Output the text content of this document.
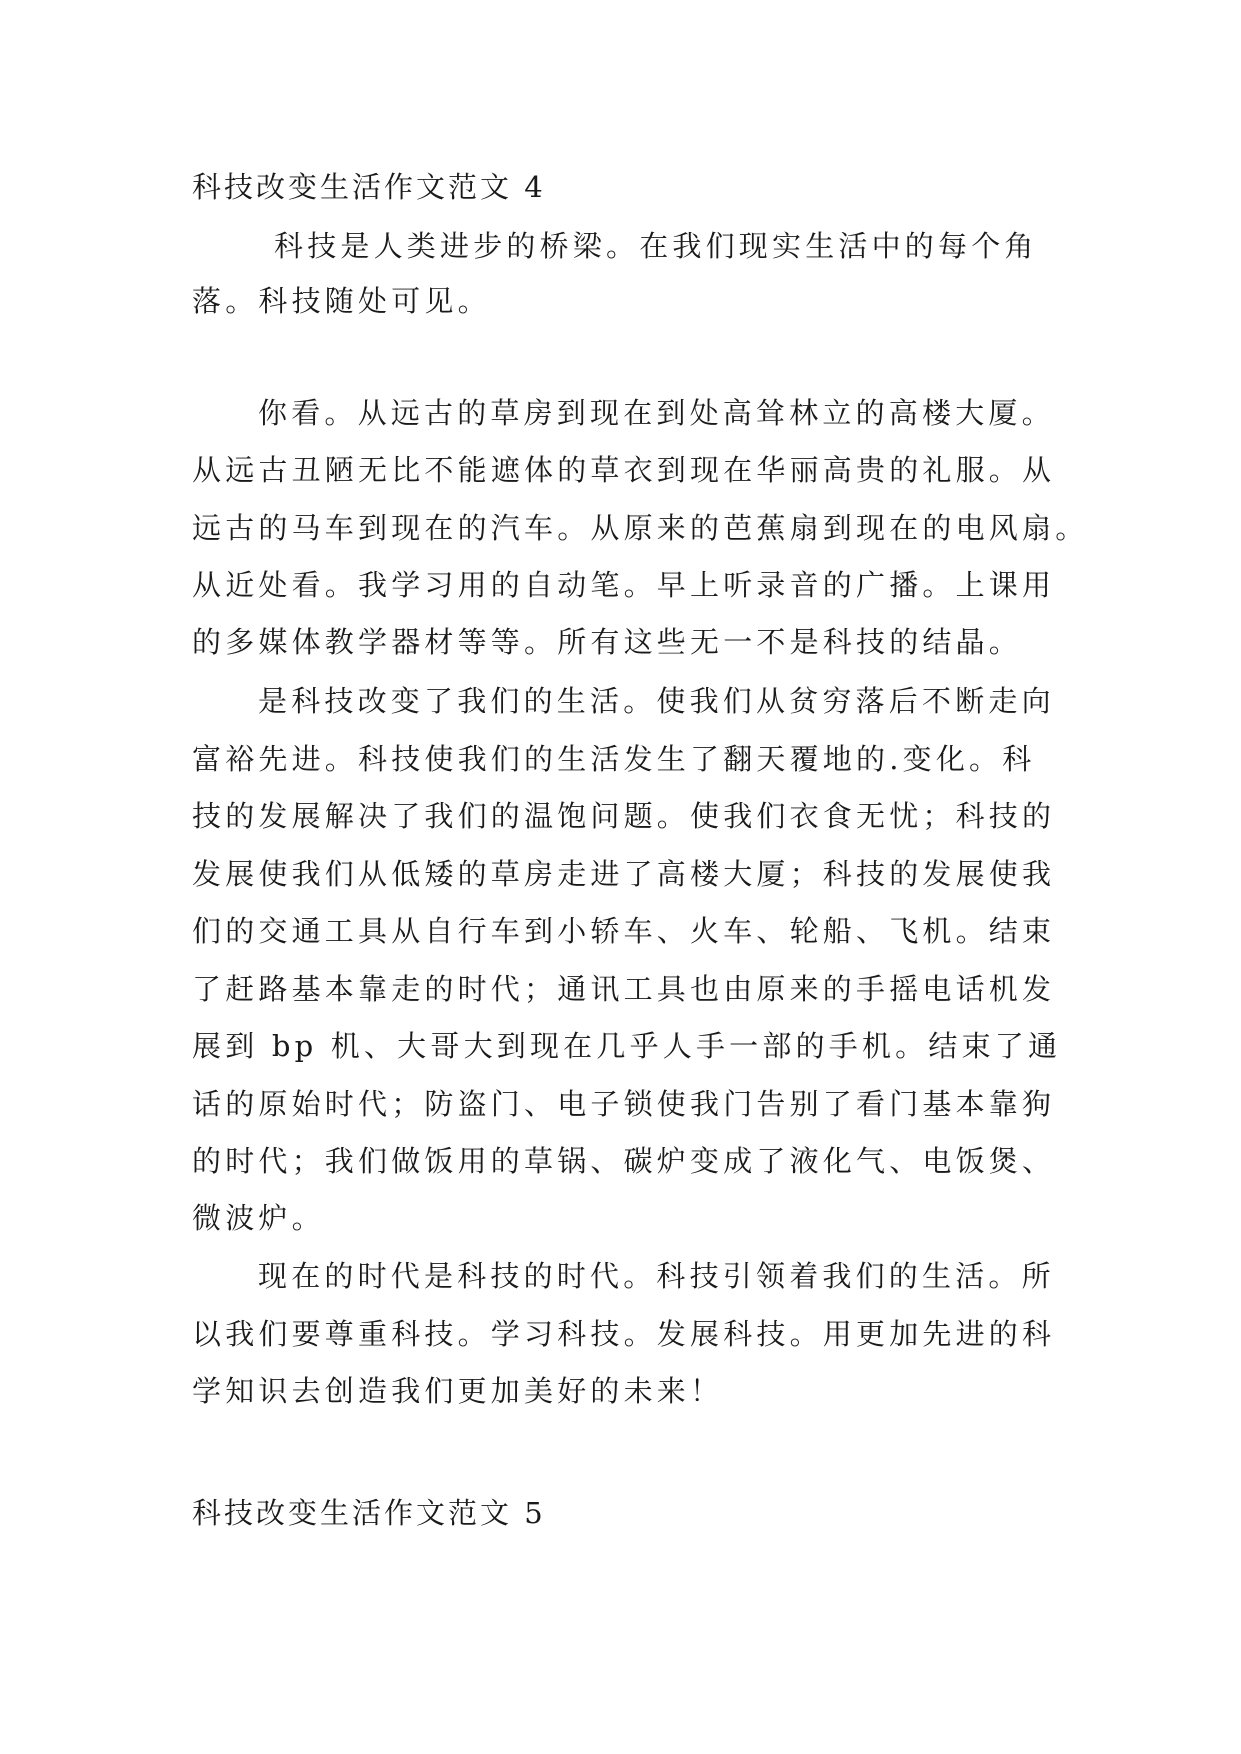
科技改变生活作文范文 4
科技是人类进步的桥梁。在我们现实生活中的每个角
落。科技随处可见。
你看。从远古的草房到现在到处高耸林立的高楼大厦。
从远古丑陋无比不能遮体的草衣到现在华丽高贵的礼服。从
远古的马车到现在的汽车。从原来的芭蕉扇到现在的电风扇。
从近处看。我学习用的自动笔。早上听录音的广播。上课用
的多媒体教学器材等等。所有这些无一不是科技的结晶。
是科技改变了我们的生活。使我们从贫穷落后不断走向
富裕先进。科技使我们的生活发生了翻天覆地的.变化。科
技的发展解决了我们的温饱问题。使我们衣食无忧；科技的
发展使我们从低矮的草房走进了高楼大厦；科技的发展使我
们的交通工具从自行车到小轿车、火车、轮船、飞机。结束
了赶路基本靠走的时代；通讯工具也由原来的手摇电话机发
展到 bp 机、大哥大到现在几乎人手一部的手机。结束了通
话的原始时代；防盗门、电子锁使我门告别了看门基本靠狗
的时代；我们做饭用的草锅、碳炉变成了液化气、电饭煲、
微波炉。
现在的时代是科技的时代。科技引领着我们的生活。所
以我们要尊重科技。学习科技。发展科技。用更加先进的科
学知识去创造我们更加美好的未来！
科技改变生活作文范文 5
